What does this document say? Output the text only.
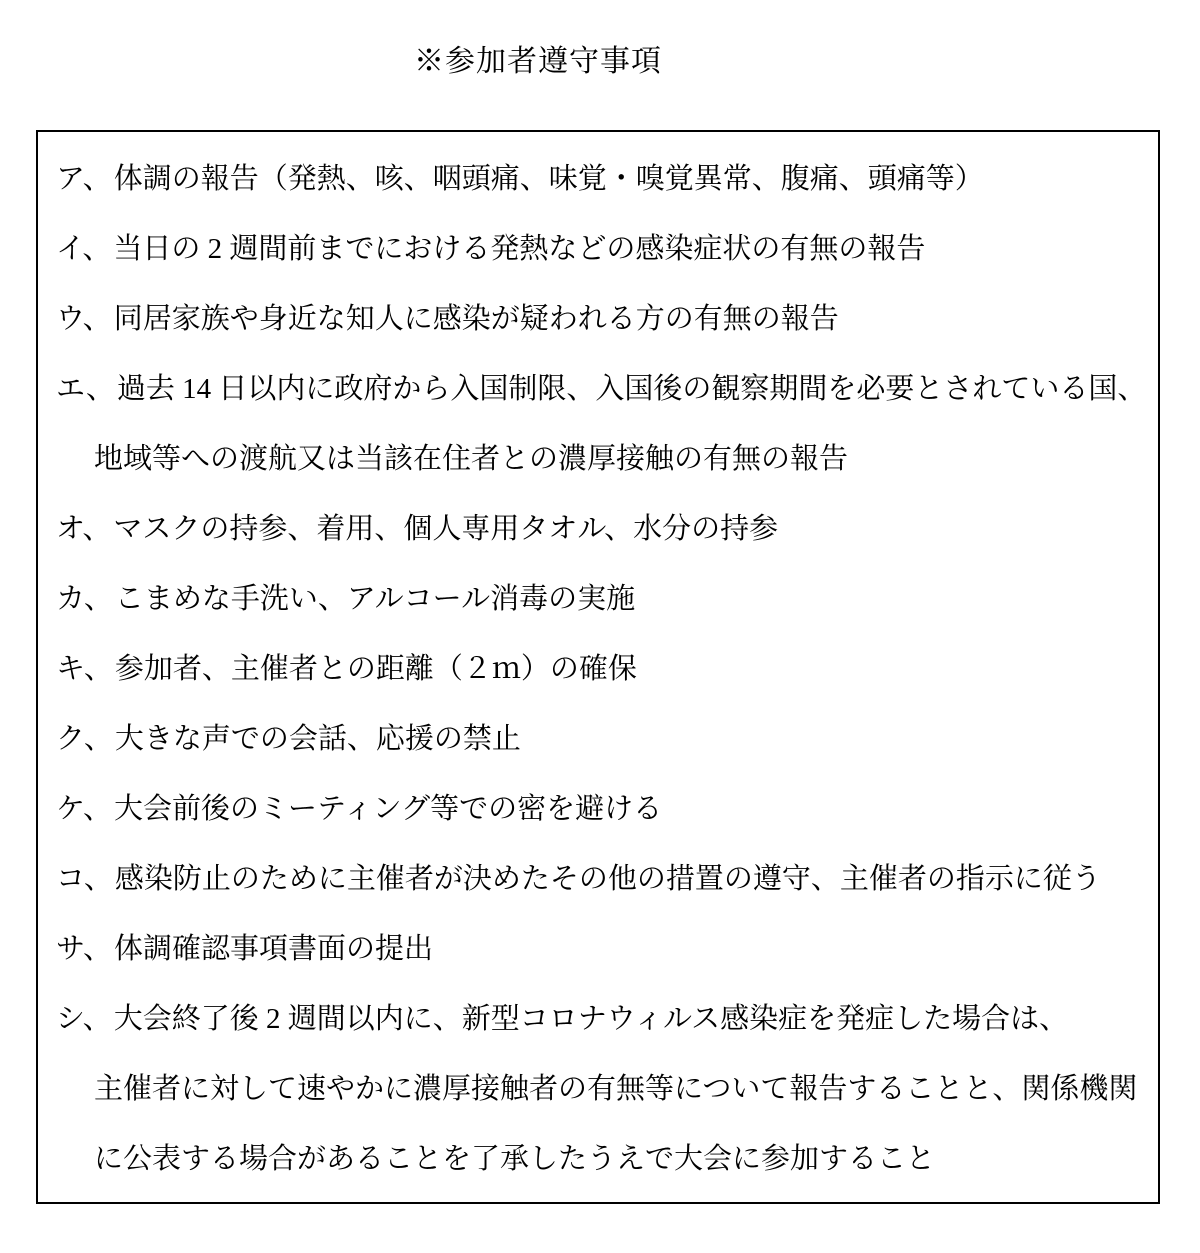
※参加者遵守事項
ア、体調の報告（発熱、咳、咽頭痛、味覚・嗅覚異常、腹痛、頭痛等）
イ、当日の 2 週間前までにおける発熱などの感染症状の有無の報告
ウ、同居家族や身近な知人に感染が疑われる方の有無の報告
エ、過去 14 日以内に政府から入国制限、入国後の観察期間を必要とされている国、
地域等への渡航又は当該在住者との濃厚接触の有無の報告
オ、マスクの持参、着用、個人専用タオル、水分の持参
カ、こまめな手洗い、アルコール消毒の実施
キ、参加者、主催者との距離（２ｍ）の確保
ク、大きな声での会話、応援の禁止
ケ、大会前後のミーティング等での密を避ける
コ、感染防止のために主催者が決めたその他の措置の遵守、主催者の指示に従う
サ、体調確認事項書面の提出
シ、大会終了後 2 週間以内に、新型コロナウィルス感染症を発症した場合は、
主催者に対して速やかに濃厚接触者の有無等について報告することと、関係機関
に公表する場合があることを了承したうえで大会に参加すること
